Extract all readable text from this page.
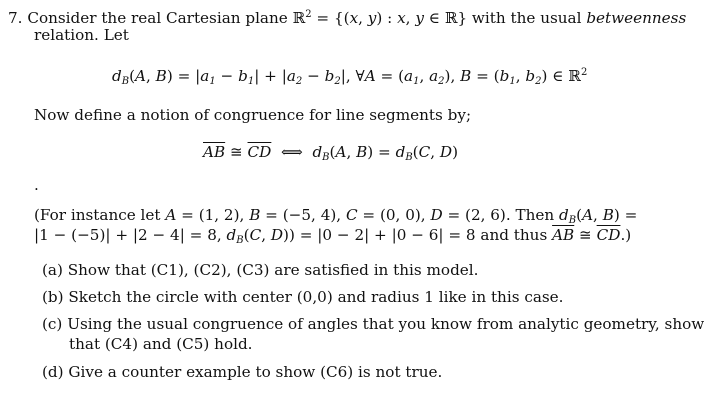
7. Consider the real Cartesian plane ℝ$^2$ = {(x, y) : x, y ∈ ℝ} with the usual betweenness
relation. Let
$d_B(A$, $B) = |a_1 - b_1| + |a_2 - b_2|$, ∀A = ($a_1$, $a_2$), $B = (b_1$, $b_2$) ∈ ℝ$^2$
Now define a notion of congruence for line segments by;
$\overline{AB}$ ≅ $\overline{CD}$  ⟺  $d_B(A$, $B) = d_B(C$, D)
.
(For instance let A = (1, 2), B = (−5, 4), C = (0, 0), D = (2, 6). Then $d_B(A$, B) =
|1 − (−5)| + |2 − 4| = 8, $d_B(C$, D)) = |0 − 2| + |0 − 6| = 8 and thus $\overline{AB}$ ≅ $\overline{CD}$.)
(a) Show that (C1), (C2), (C3) are satisfied in this model.
(b) Sketch the circle with center (0,0) and radius 1 like in this case.
(c) Using the usual congruence of angles that you know from analytic geometry, show
that (C4) and (C5) hold.
(d) Give a counter example to show (C6) is not true.
